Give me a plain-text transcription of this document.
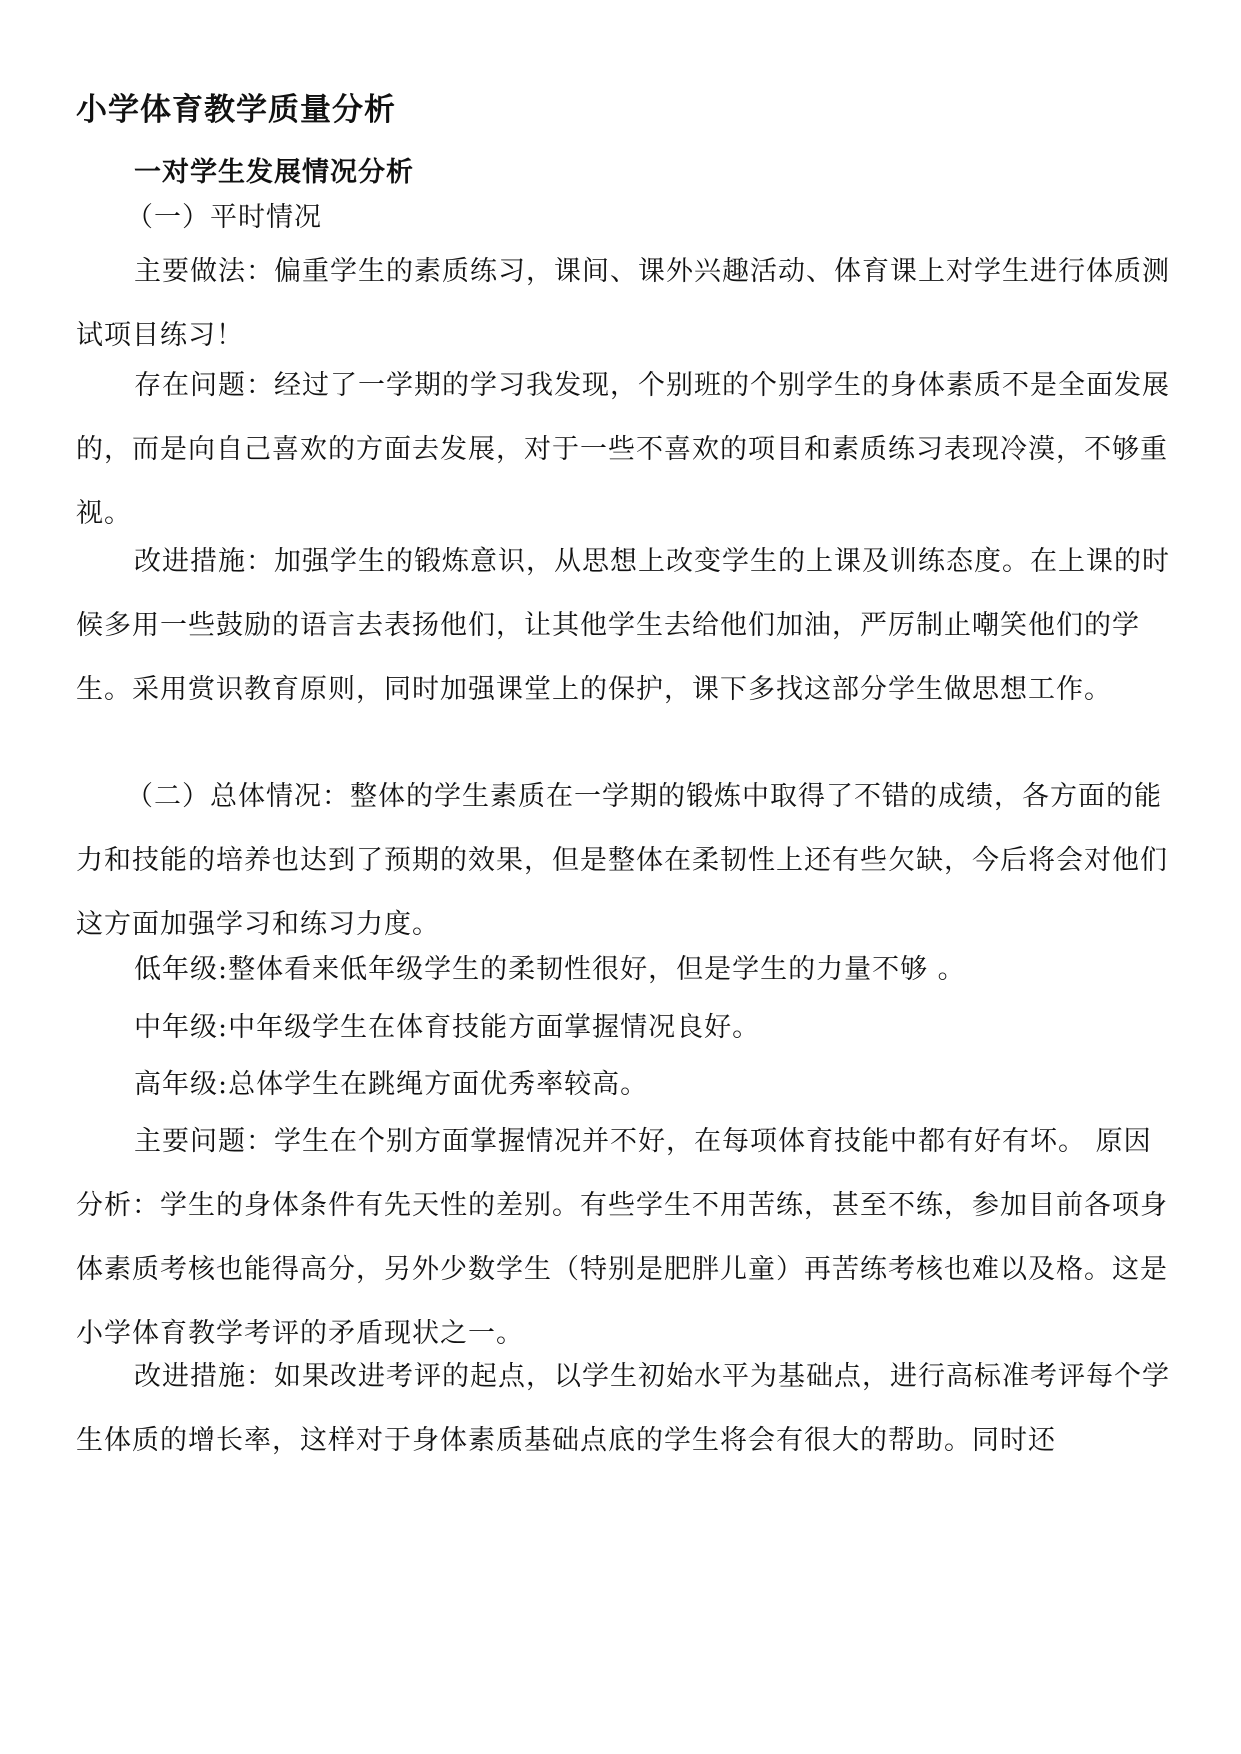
小学体育教学质量分析
一对学生发展情况分析

（一）平时情况

主要做法：偏重学生的素质练习，课间、课外兴趣活动、体育课上对学生进行体质测试项目练习！

存在问题：经过了一学期的学习我发现，个别班的个别学生的身体素质不是全面发展的，而是向自己喜欢的方面去发展，对于一些不喜欢的项目和素质练习表现冷漠，不够重视。

改进措施：加强学生的锻炼意识，从思想上改变学生的上课及训练态度。在上课的时候多用一些鼓励的语言去表扬他们，让其他学生去给他们加油，严厉制止嘲笑他们的学生。采用赏识教育原则，同时加强课堂上的保护，课下多找这部分学生做思想工作。

（二）总体情况：整体的学生素质在一学期的锻炼中取得了不错的成绩，各方面的能力和技能的培养也达到了预期的效果，但是整体在柔韧性上还有些欠缺，今后将会对他们这方面加强学习和练习力度。

低年级:整体看来低年级学生的柔韧性很好，但是学生的力量不够 。

中年级:中年级学生在体育技能方面掌握情况良好。

高年级:总体学生在跳绳方面优秀率较高。

主要问题：学生在个别方面掌握情况并不好，在每项体育技能中都有好有坏。 原因分析：学生的身体条件有先天性的差别。有些学生不用苦练，甚至不练，参加目前各项身体素质考核也能得高分，另外少数学生（特别是肥胖儿童）再苦练考核也难以及格。这是小学体育教学考评的矛盾现状之一。

改进措施：如果改进考评的起点，以学生初始水平为基础点，进行高标准考评每个学生体质的增长率，这样对于身体素质基础点底的学生将会有很大的帮助。同时还
